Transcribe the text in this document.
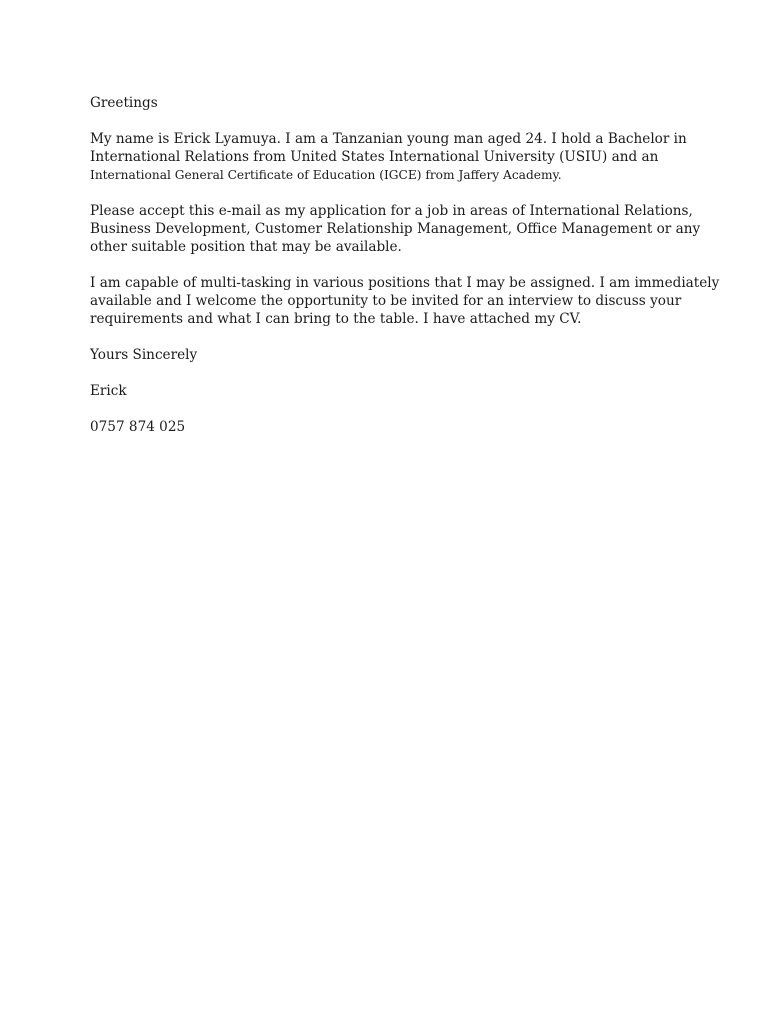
Greetings

My name is Erick Lyamuya. I am a Tanzanian young man aged 24. I hold a Bachelor in
International Relations from United States International University (USIU) and an
International General Certificate of Education (IGCE) from Jaffery Academy.

Please accept this e-mail as my application for a job in areas of International Relations,
Business Development, Customer Relationship Management, Office Management or any
other suitable position that may be available.

I am capable of multi-tasking in various positions that I may be assigned. I am immediately
available and I welcome the opportunity to be invited for an interview to discuss your
requirements and what I can bring to the table. I have attached my CV.

Yours Sincerely

Erick

0757 874 025
